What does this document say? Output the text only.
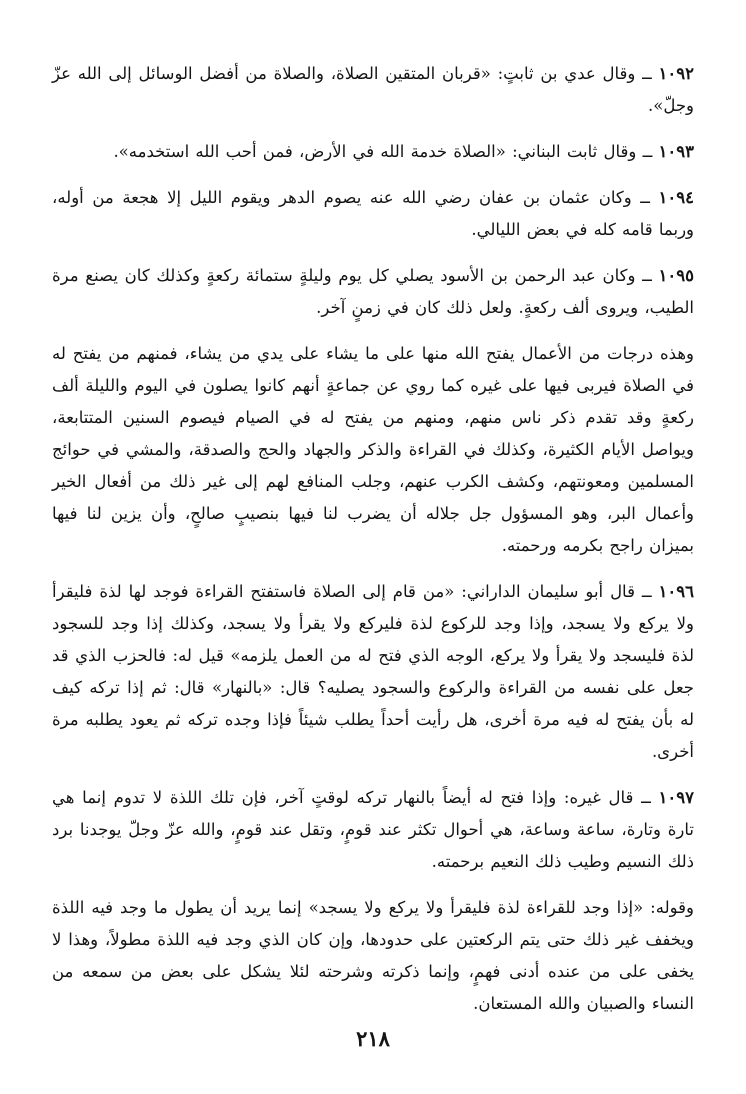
١٠٩٢ ــ وقال عدي بن ثابتٍ: «قربان المتقين الصلاة، والصلاة من أفضل الوسائل إلى الله عزّ وجلّ».

١٠٩٣ ــ وقال ثابت البناني: «الصلاة خدمة الله في الأرض، فمن أحب الله استخدمه».

١٠٩٤ ــ وكان عثمان بن عفان رضي الله عنه يصوم الدهر ويقوم الليل إلا هجعة من أوله، وربما قامه كله في بعض الليالي.

١٠٩٥ ــ وكان عبد الرحمن بن الأسود يصلي كل يوم وليلةٍ ستمائة ركعةٍ وكذلك كان يصنع مرة الطيب، ويروى ألف ركعةٍ. ولعل ذلك كان في زمنٍ آخر.

وهذه درجات من الأعمال يفتح الله منها على ما يشاء على يدي من يشاء، فمنهم من يفتح له في الصلاة فيربى فيها على غيره كما روي عن جماعةٍ أنهم كانوا يصلون في اليوم والليلة ألف ركعةٍ وقد تقدم ذكر ناس منهم، ومنهم من يفتح له في الصيام فيصوم السنين المتتابعة، ويواصل الأيام الكثيرة، وكذلك في القراءة والذكر والجهاد والحج والصدقة، والمشي في حوائج المسلمين ومعونتهم، وكشف الكرب عنهم، وجلب المنافع لهم إلى غير ذلك من أفعال الخير وأعمال البر، وهو المسؤول جل جلاله أن يضرب لنا فيها بنصيبٍ صالحٍ، وأن يزين لنا فيها بميزان راجح بكرمه ورحمته.

١٠٩٦ ــ قال أبو سليمان الداراني: «من قام إلى الصلاة فاستفتح القراءة فوجد لها لذة فليقرأ ولا يركع ولا يسجد، وإذا وجد للركوع لذة فليركع ولا يقرأ ولا يسجد، وكذلك إذا وجد للسجود لذة فليسجد ولا يقرأ ولا يركع، الوجه الذي فتح له من العمل يلزمه» قيل له: فالحزب الذي قد جعل على نفسه من القراءة والركوع والسجود يصليه؟ قال: «بالنهار» قال: ثم إذا تركه كيف له بأن يفتح له فيه مرة أخرى، هل رأيت أحداً يطلب شيئاً فإذا وجده تركه ثم يعود يطلبه مرة أخرى.

١٠٩٧ ــ قال غيره: وإذا فتح له أيضاً بالنهار تركه لوقتٍ آخر، فإن تلك اللذة لا تدوم إنما هي تارة وتارة، ساعة وساعة، هي أحوال تكثر عند قومٍ، وتقل عند قومٍ، والله عزّ وجلّ يوجدنا برد ذلك النسيم وطيب ذلك النعيم برحمته.

وقوله: «إذا وجد للقراءة لذة فليقرأ ولا يركع ولا يسجد» إنما يريد أن يطول ما وجد فيه اللذة ويخفف غير ذلك حتى يتم الركعتين على حدودها، وإن كان الذي وجد فيه اللذة مطولاً، وهذا لا يخفى على من عنده أدنى فهمٍ، وإنما ذكرته وشرحته لئلا يشكل على بعض من سمعه من النساء والصبيان والله المستعان.

٢١٨
